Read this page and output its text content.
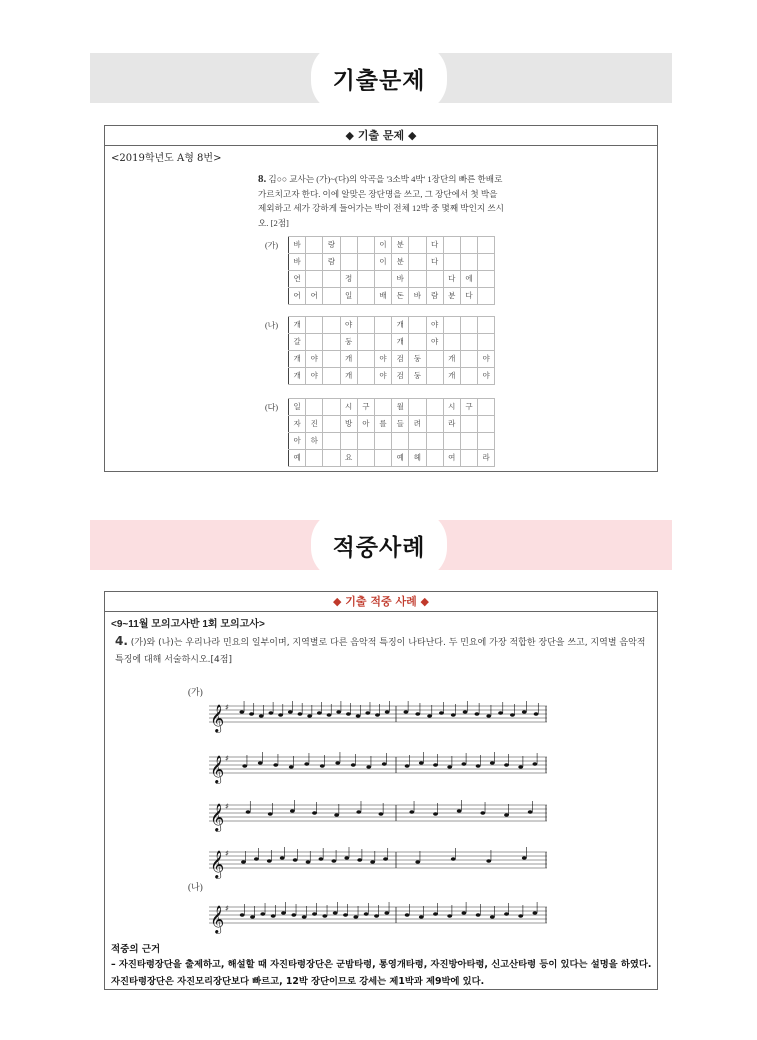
기출문제
◆ 기출 문제 ◆
<2019학년도 A형 8번>
8. 김○○ 교사는 (가)~(다)의 악곡을 '3소박 4박' 1장단의 빠른 한배로 가르치고자 한다. 이에 알맞은 장단명을 쓰고, 그 장단에서 첫 박을 제외하고 세가 강하게 들어가는 박이 전체 12박 중 몇째 박인지 쓰시오. [2점]
(가) 바		랑			이	분		다			
바		람			이	분		다			
연			정			바			다	에	
어	어		일		배	돈	바	람	분	다	
(나) 개			야			개		야			
갈			둥			개		야			
개	야		개		야	검	둥		개		야
개	야		개		야	검	둥		개		야
(다) 일			시	구		월			시	구	
자	진		방	아	를	들	려		라		
아	하										
예			요			예	헤		여		라
적중사례
◆ 기출 적중 사례 ◆
<9~11월 모의고사반 1회 모의고사>
4. (가)와 (나)는 우리나라 민요의 일부이며, 지역별로 다른 음악적 특징이 나타난다. 두 민요에 가장 적합한 장단을 쓰고, 지역별 음악적 특징에 대해 서술하시오.[4점]
(가)
(나)
𝄞 ♯
𝄞 ♯
𝄞 ♯
𝄞 ♯
𝄞 ♯
적중의 근거
– 자진타령장단을 출제하고, 해설할 때 자진타령장단은 군밤타령, 통영개타령, 자진방아타령, 신고산타령 등이 있다는 설명을 하였다. 자진타령장단은 자진모리장단보다 빠르고, 12박 장단이므로 강세는 제1박과 제9박에 있다.
